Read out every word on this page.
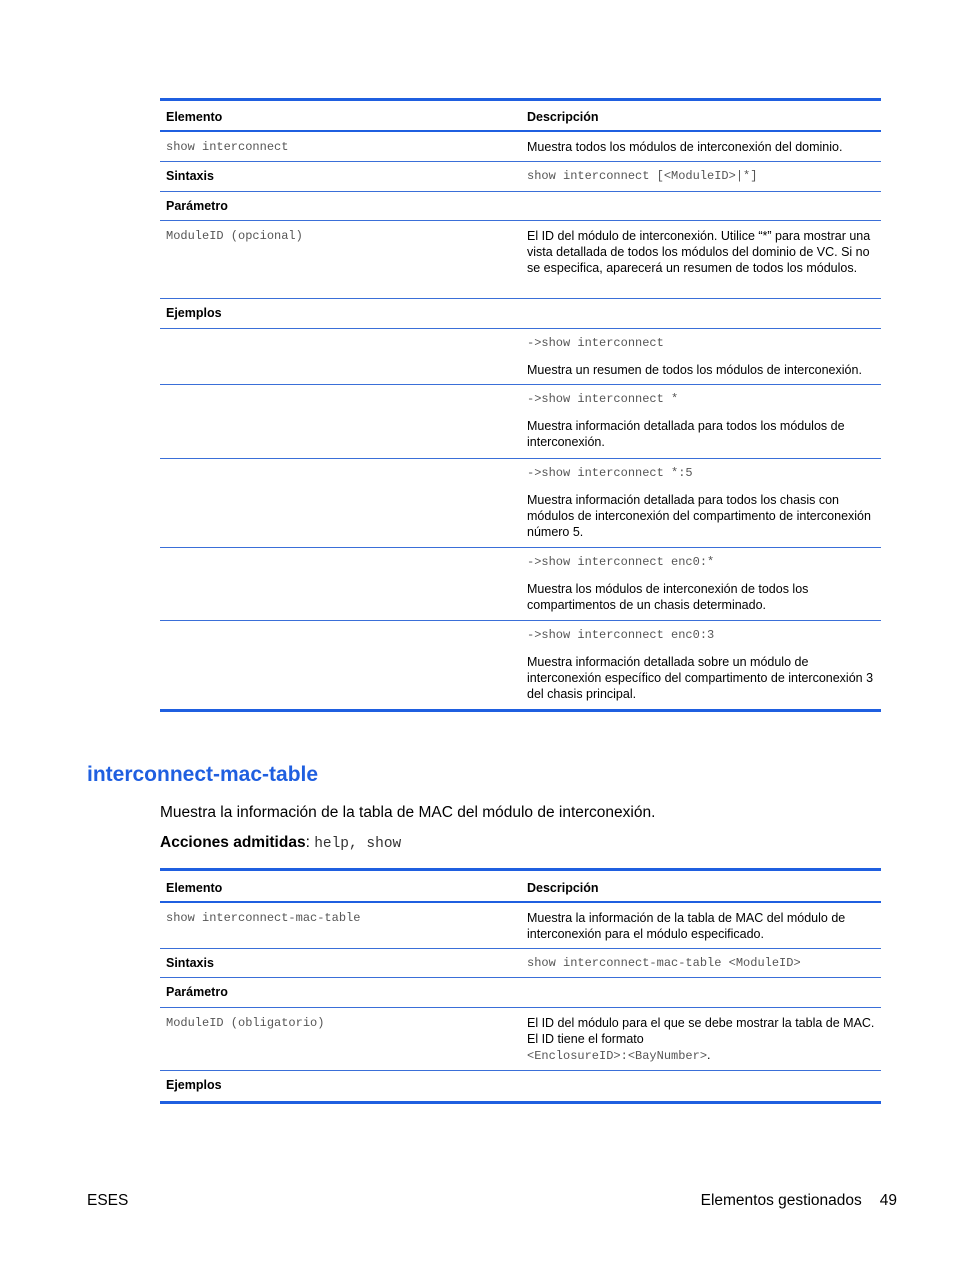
Elemento	Descripción
show interconnect	Muestra todos los módulos de interconexión del dominio.
Sintaxis	show interconnect [<ModuleID>|*]
Parámetro
ModuleID (opcional)	El ID del módulo de interconexión. Utilice “*” para mostrar una vista detallada de todos los módulos del dominio de VC. Si no se especifica, aparecerá un resumen de todos los módulos.
Ejemplos
->show interconnect
Muestra un resumen de todos los módulos de interconexión.
->show interconnect *
Muestra información detallada para todos los módulos de interconexión.
->show interconnect *:5
Muestra información detallada para todos los chasis con módulos de interconexión del compartimento de interconexión número 5.
->show interconnect enc0:*
Muestra los módulos de interconexión de todos los compartimentos de un chasis determinado.
->show interconnect enc0:3
Muestra información detallada sobre un módulo de interconexión específico del compartimento de interconexión 3 del chasis principal.
interconnect-mac-table
Muestra la información de la tabla de MAC del módulo de interconexión.
Acciones admitidas: help, show
Elemento	Descripción
show interconnect-mac-table	Muestra la información de la tabla de MAC del módulo de interconexión para el módulo especificado.
Sintaxis	show interconnect-mac-table <ModuleID>
Parámetro
ModuleID (obligatorio)	El ID del módulo para el que se debe mostrar la tabla de MAC. El ID tiene el formato
<EnclosureID>:<BayNumber>.
Ejemplos
ESES	Elementos gestionados 49
